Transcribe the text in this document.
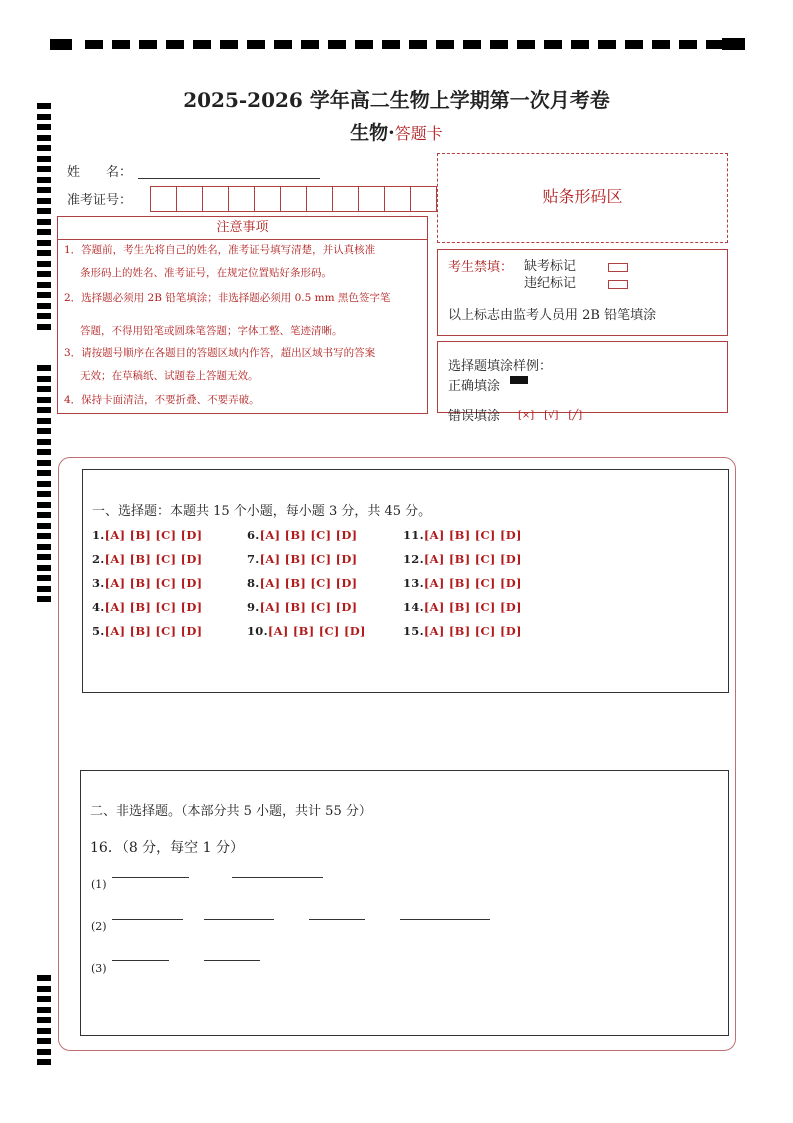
2025-2026 学年高二生物上学期第一次月考卷
生物·答题卡
姓　　名：
准考证号：	贴条形码区
注意事项
1．答题前，考生先将自己的姓名，准考证号填写清楚，并认真核准
条形码上的姓名、准考证号，在规定位置贴好条形码。
2．选择题必须用 2B 铅笔填涂；非选择题必须用 0.5 mm 黑色签字笔
答题，不得用铅笔或圆珠笔答题；字体工整、笔迹清晰。
3．请按题号顺序在各题目的答题区域内作答，超出区域书写的答案
无效；在草稿纸、试题卷上答题无效。
4．保持卡面清洁，不要折叠、不要弄破。
考生禁填： 缺考标记
违纪标记
以上标志由监考人员用 2B 铅笔填涂
选择题填涂样例：
正确填涂
错误填涂 [×]　[√]　[╱]
一、选择题：本题共 15 个小题，每小题 3 分，共 45 分。
1.[A] [B] [C] [D]
2.[A] [B] [C] [D]
3.[A] [B] [C] [D]
4.[A] [B] [C] [D]
5.[A] [B] [C] [D]
6.[A] [B] [C] [D]
7.[A] [B] [C] [D]
8.[A] [B] [C] [D]
9.[A] [B] [C] [D]
10.[A] [B] [C] [D]
11.[A] [B] [C] [D]
12.[A] [B] [C] [D]
13.[A] [B] [C] [D]
14.[A] [B] [C] [D]
15.[A] [B] [C] [D]
二、非选择题。（本部分共 5 小题，共计 55 分）
16．（8 分，每空 1 分）
(1)
(2)
(3)
